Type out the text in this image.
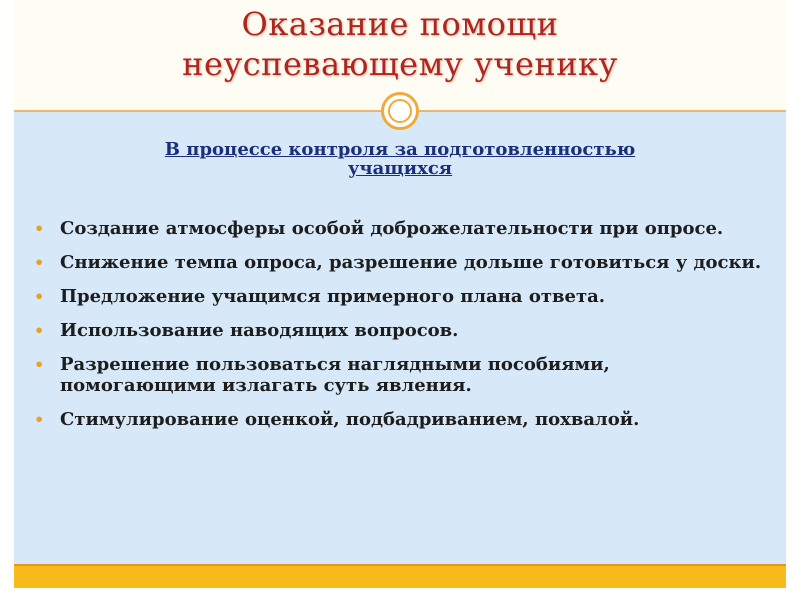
Оказание помощи
неуспевающему ученику
В процессе контроля за подготовленностью
учащихся
• Создание атмосферы особой доброжелательности при опросе.
• Снижение темпа опроса, разрешение дольше готовиться у доски.
• Предложение учащимся примерного плана ответа.
• Использование наводящих вопросов.
• Разрешение пользоваться наглядными пособиями, помогающими излагать суть явления.
• Стимулирование оценкой, подбадриванием, похвалой.
